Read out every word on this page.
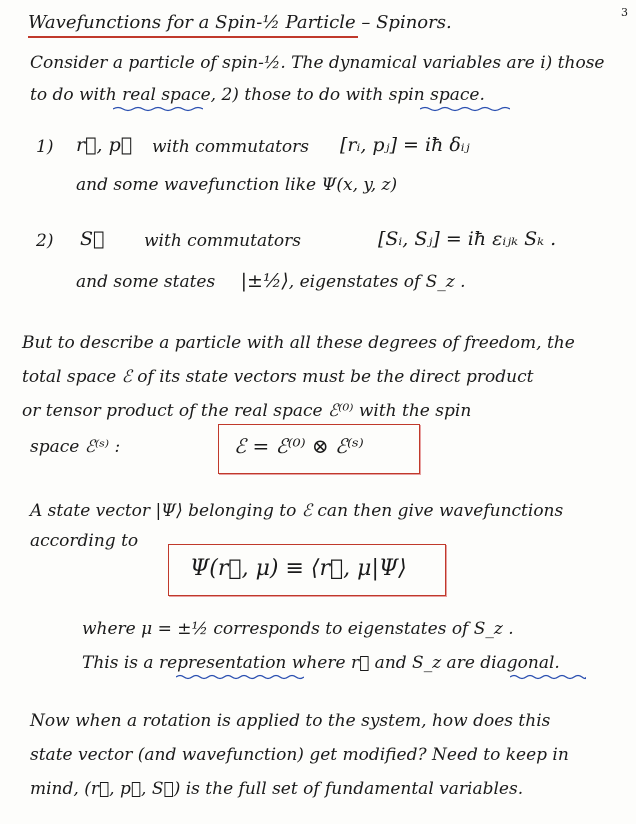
3
Wavefunctions for a Spin-½ Particle – Spinors.
Consider a particle of spin-½. The dynamical variables are i) those
to do with real space, 2) those to do with spin space.
1) r⃗, p⃗ with commutators [rᵢ, pⱼ] = iħ δᵢⱼ
and some wavefunction like Ψ(x, y, z)
2) S⃗ with commutators	[Sᵢ, Sⱼ] = iħ εᵢⱼₖ Sₖ .
and some states |±½⟩, eigenstates of S_z .
But to describe a particle with all these degrees of freedom, the
total space ℰ of its state vectors must be the direct product
or tensor product of the real space ℰ⁽⁰⁾ with the spin
space ℰ⁽ˢ⁾ :	ℰ = ℰ⁽⁰⁾ ⊗ ℰ⁽ˢ⁾
A state vector |Ψ⟩ belonging to ℰ can then give wavefunctions
according to
Ψ(r⃗, μ) ≡ ⟨r⃗, μ|Ψ⟩
where μ = ±½ corresponds to eigenstates of S_z .
This is a representation where r⃗ and S_z are diagonal.
Now when a rotation is applied to the system, how does this
state vector (and wavefunction) get modified? Need to keep in
mind, (r⃗, p⃗, S⃗) is the full set of fundamental variables.
